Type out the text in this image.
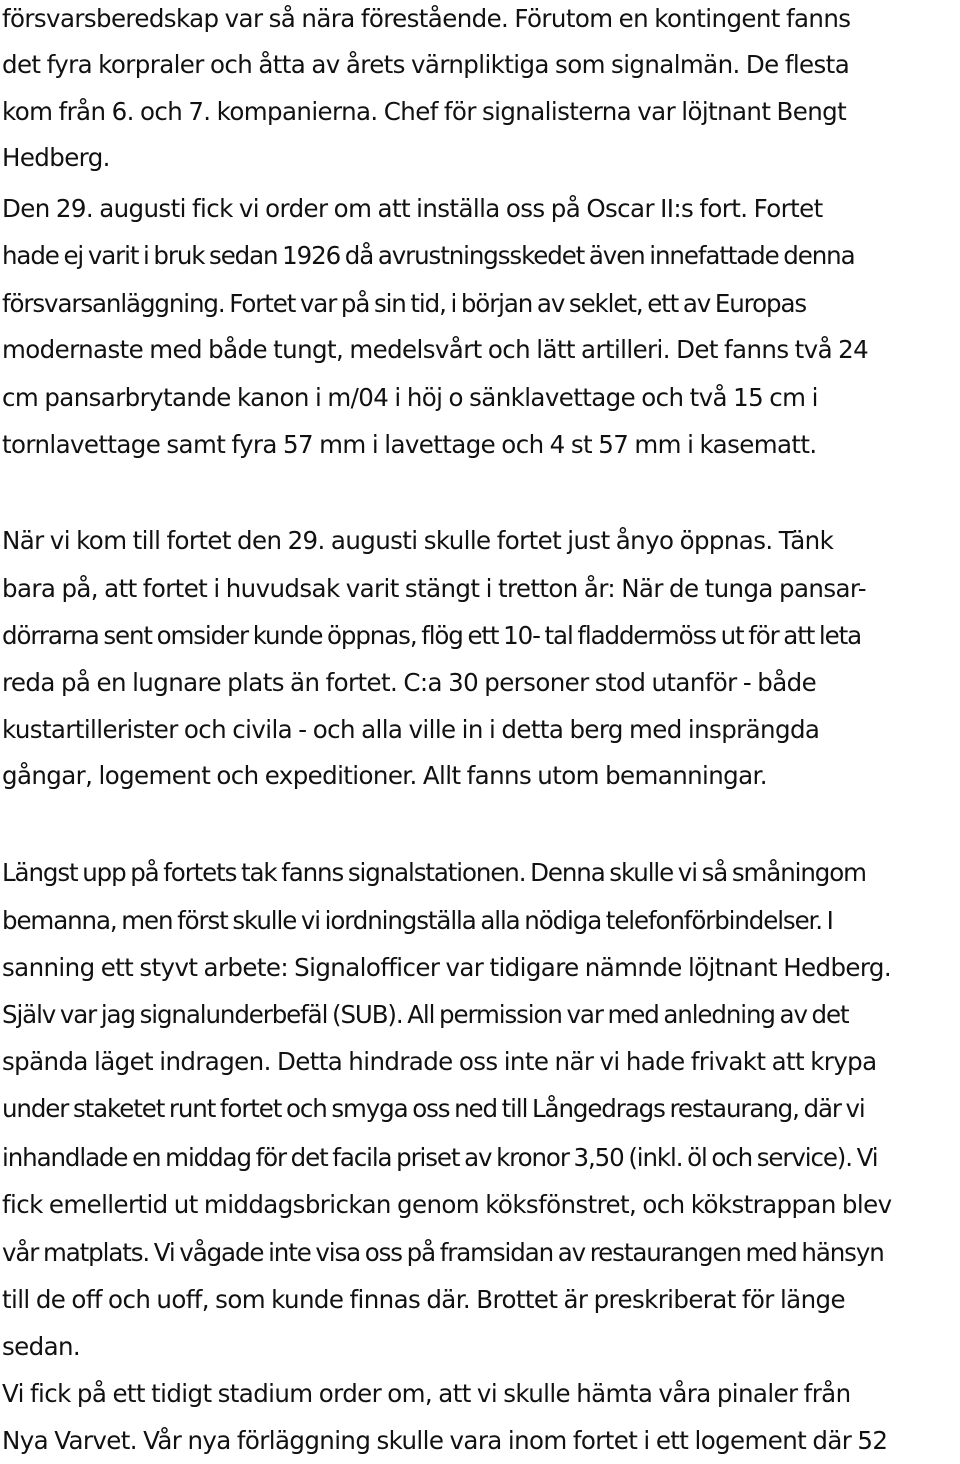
försvarsberedskap var så nära förestående. Förutom en kontingent fanns
det fyra korpraler och åtta av årets värnpliktiga som signalmän. De flesta
kom från 6. och 7. kompanierna. Chef för signalisterna var löjtnant Bengt
Hedberg.
Den 29. augusti fick vi order om att inställa oss på Oscar II:s fort. Fortet
hade ej varit i bruk sedan 1926 då avrustningsskedet även innefattade denna
försvarsanläggning. Fortet var på sin tid, i början av seklet, ett av Europas
modernaste med både tungt, medelsvårt och lätt artilleri. Det fanns två 24
cm pansarbrytande kanon i m/04 i höj o sänklavettage och två 15 cm i
tornlavettage samt fyra 57 mm i lavettage och 4 st 57 mm i kasematt.
När vi kom till fortet den 29. augusti skulle fortet just ånyo öppnas. Tänk
bara på, att fortet i huvudsak varit stängt i tretton år: När de tunga pansar-
dörrarna sent omsider kunde öppnas, flög ett 10- tal fladdermöss ut för att leta
reda på en lugnare plats än fortet. C:a 30 personer stod utanför - både
kustartillerister och civila - och alla ville in i detta berg med insprängda
gångar, logement och expeditioner. Allt fanns utom bemanningar.
Längst upp på fortets tak fanns signalstationen. Denna skulle vi så småningom
bemanna, men först skulle vi iordningställa alla nödiga telefonförbindelser. I
sanning ett styvt arbete: Signalofficer var tidigare nämnde löjtnant Hedberg.
Själv var jag signalunderbefäl (SUB). All permission var med anledning av det
spända läget indragen. Detta hindrade oss inte när vi hade frivakt att krypa
under staketet runt fortet och smyga oss ned till Långedrags restaurang, där vi
inhandlade en middag för det facila priset av kronor 3,50 (inkl. öl och service). Vi
fick emellertid ut middagsbrickan genom köksfönstret, och kökstrappan blev
vår matplats. Vi vågade inte visa oss på framsidan av restaurangen med hänsyn
till de off och uoff, som kunde finnas där. Brottet är preskriberat för länge
sedan.
Vi fick på ett tidigt stadium order om, att vi skulle hämta våra pinaler från
Nya Varvet. Vår nya förläggning skulle vara inom fortet i ett logement där 52
